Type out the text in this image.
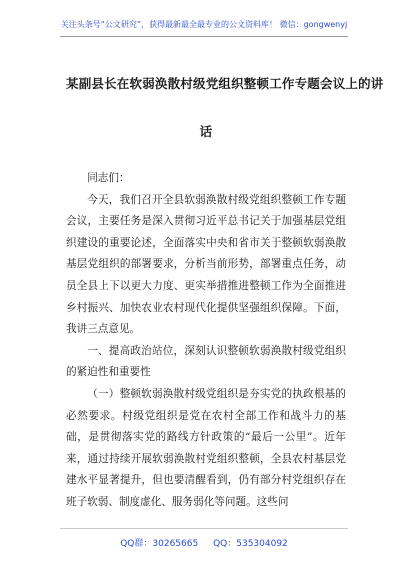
关注头条号“公文研究”，获得最新最全最专业的公文资料库！ 微信：gongwenyj
某副县长在软弱涣散村级党组织整顿工作专题会议上的讲
话

同志们：

今天，我们召开全县软弱涣散村级党组织整顿工作专题会议，主要任务是深入贯彻习近平总书记关于加强基层党组织建设的重要论述，全面落实中央和省市关于整顿软弱涣散基层党组织的部署要求，分析当前形势，部署重点任务，动员全县上下以更大力度、更实举措推进整顿工作为全面推进乡村振兴、加快农业农村现代化提供坚强组织保障。下面，我讲三点意见。

一、提高政治站位，深刻认识整顿软弱涣散村级党组织的紧迫性和重要性

（一）整顿软弱涣散村级党组织是夯实党的执政根基的必然要求。村级党组织是党在农村全部工作和战斗力的基础，是贯彻落实党的路线方针政策的“最后一公里”。近年来，通过持续开展软弱涣散村党组织整顿，全县农村基层党建水平显著提升，但也要清醒看到，仍有部分村党组织存在班子软弱、制度虚化、服务弱化等问题。这些问

QQ群：30265665 QQ：535304092
